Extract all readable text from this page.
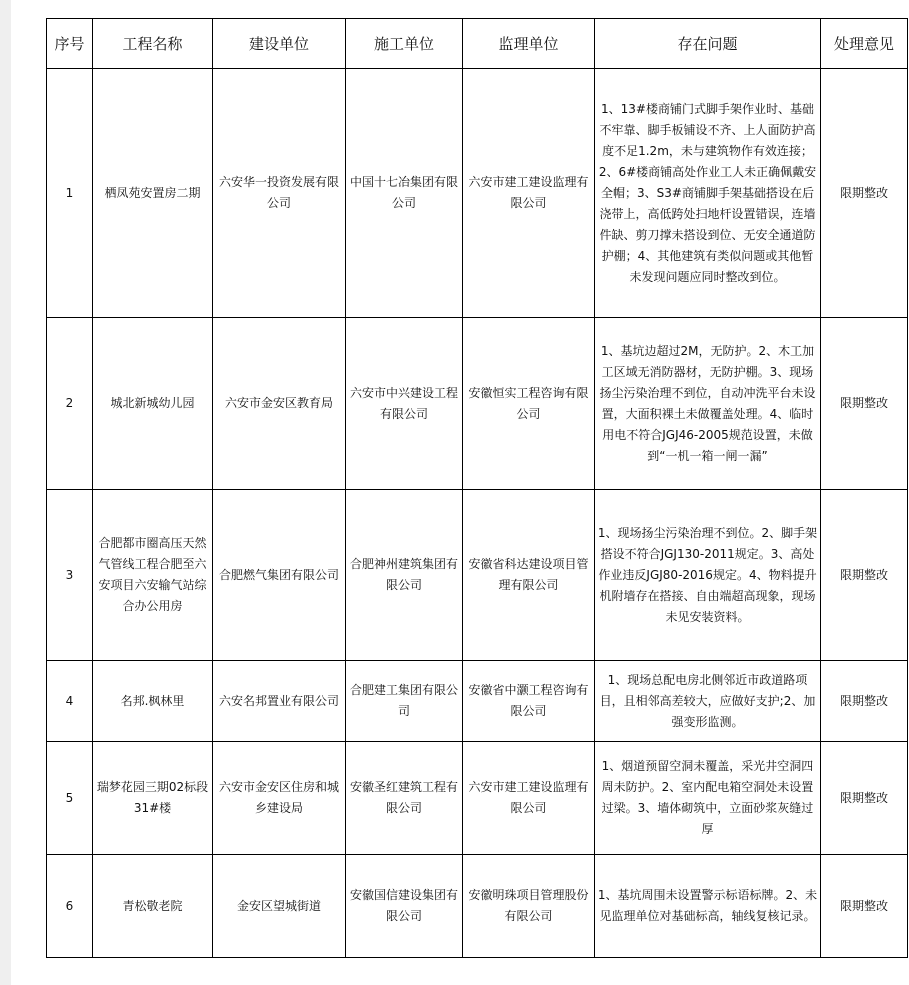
序号	工程名称	建设单位	施工单位	监理单位	存在问题	处理意见
1	栖凤苑安置房二期	六安华一投资发展有限公司	中国十七冶集团有限公司	六安市建工建设监理有限公司	1、13#楼商铺门式脚手架作业时、基础不牢靠、脚手板铺设不齐、上人面防护高度不足1.2m，未与建筑物作有效连接；2、6#楼商铺高处作业工人未正确佩戴安全帽；3、S3#商铺脚手架基础搭设在后浇带上，高低跨处扫地杆设置错误，连墙件缺、剪刀撑未搭设到位、无安全通道防护棚；4、其他建筑有类似问题或其他暂未发现问题应同时整改到位。	限期整改
2	城北新城幼儿园	六安市金安区教育局	六安市中兴建设工程有限公司	安徽恒实工程咨询有限公司	1、基坑边超过2M，无防护。2、木工加工区域无消防器材，无防护棚。3、现场扬尘污染治理不到位，自动冲洗平台未设置，大面积裸土未做覆盖处理。4、临时用电不符合JGJ46-2005规范设置，未做到“一机一箱一闸一漏”	限期整改
3	合肥都市圈高压天然气管线工程合肥至六安项目六安输气站综合办公用房	合肥燃气集团有限公司	合肥神州建筑集团有限公司	安徽省科达建设项目管理有限公司	1、现场扬尘污染治理不到位。2、脚手架搭设不符合JGJ130-2011规定。3、高处作业违反JGJ80-2016规定。4、物料提升机附墙存在搭接、自由端超高现象，现场未见安装资料。	限期整改
4	名邦.枫林里	六安名邦置业有限公司	合肥建工集团有限公司	安徽省中灏工程咨询有限公司	1、现场总配电房北侧邻近市政道路项目，且相邻高差较大，应做好支护;2、加强变形监测。	限期整改
5	瑞梦花园三期02标段31#楼	六安市金安区住房和城乡建设局	安徽圣红建筑工程有限公司	六安市建工建设监理有限公司	1、烟道预留空洞未覆盖，采光井空洞四周未防护。2、室内配电箱空洞处未设置过梁。3、墙体砌筑中，立面砂浆灰缝过厚	限期整改
6	青松敬老院	金安区望城街道	安徽国信建设集团有限公司	安徽明珠项目管理股份有限公司	1、基坑周围未设置警示标语标牌。2、未见监理单位对基础标高，轴线复核记录。	限期整改
